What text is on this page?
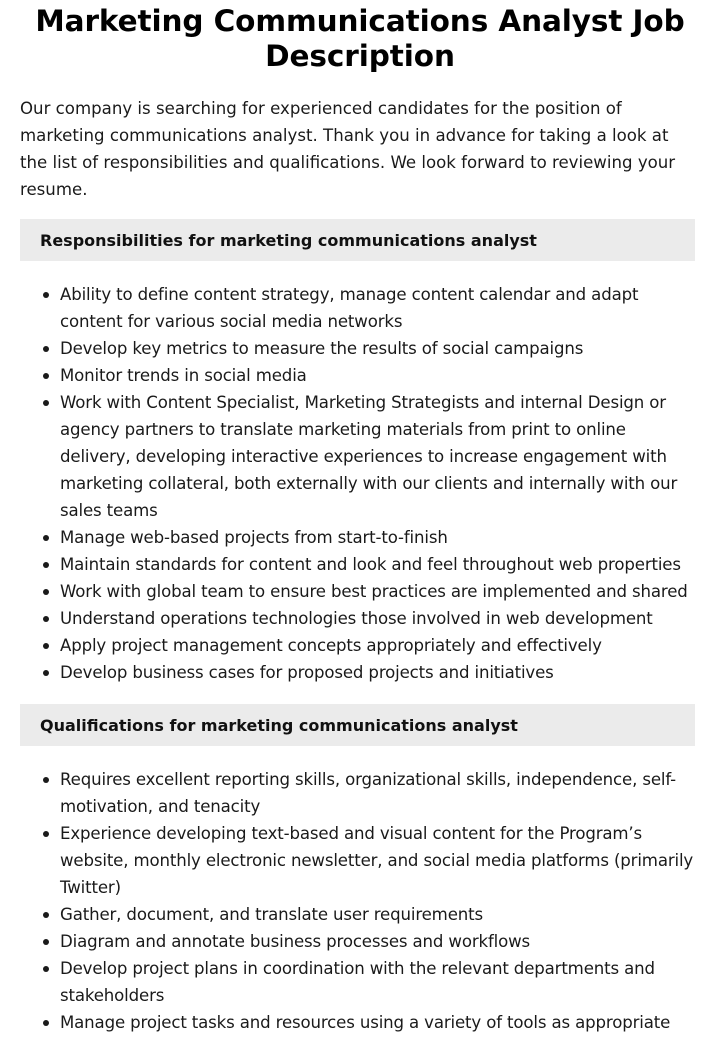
Marketing Communications Analyst Job Description

Our company is searching for experienced candidates for the position of marketing communications analyst. Thank you in advance for taking a look at the list of responsibilities and qualifications. We look forward to reviewing your resume.

Responsibilities for marketing communications analyst
Ability to define content strategy, manage content calendar and adapt content for various social media networks
Develop key metrics to measure the results of social campaigns
Monitor trends in social media
Work with Content Specialist, Marketing Strategists and internal Design or agency partners to translate marketing materials from print to online delivery, developing interactive experiences to increase engagement with marketing collateral, both externally with our clients and internally with our sales teams
Manage web-based projects from start-to-finish
Maintain standards for content and look and feel throughout web properties
Work with global team to ensure best practices are implemented and shared
Understand operations technologies those involved in web development
Apply project management concepts appropriately and effectively
Develop business cases for proposed projects and initiatives
Qualifications for marketing communications analyst
Requires excellent reporting skills, organizational skills, independence, self-motivation, and tenacity
Experience developing text-based and visual content for the Program’s website, monthly electronic newsletter, and social media platforms (primarily Twitter)
Gather, document, and translate user requirements
Diagram and annotate business processes and workflows
Develop project plans in coordination with the relevant departments and stakeholders
Manage project tasks and resources using a variety of tools as appropriate
